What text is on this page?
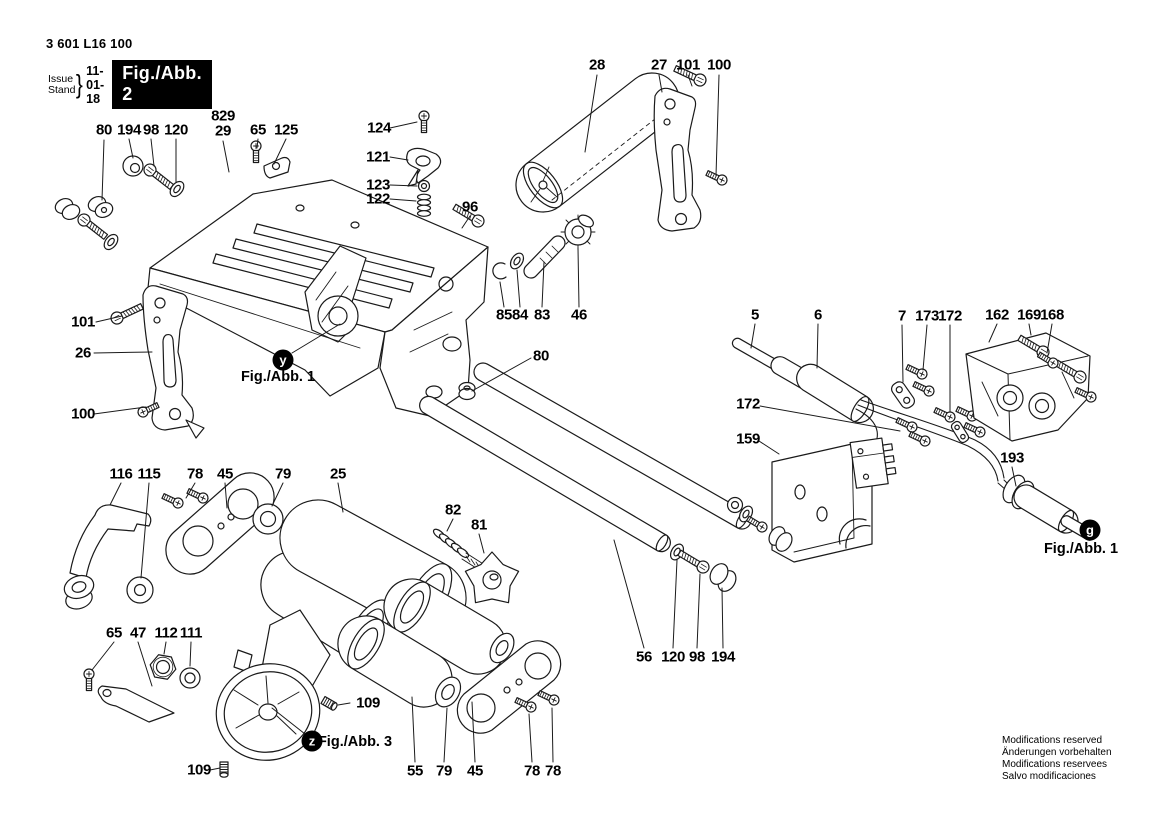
3 601 L16 100
Issue
Stand } 11-01-18
Fig./Abb. 2
Modifications reserved
Änderungen vorbehalten
Modifications reservees
Salvo modificaciones
80 194 98 120
829
29 65 125	124
121
123
122	96
28	27 101 100
101
26
100
85 84 83 46
80
5	6	7 173 172 162 169 168
172
159
193
116 115 78 45	79	25
82
81
56 120 98 194
65 47 112 111
109
109	55 79 45	78 78
y
Fig./Abb. 1
g
Fig./Abb. 1
z Fig./Abb. 3
